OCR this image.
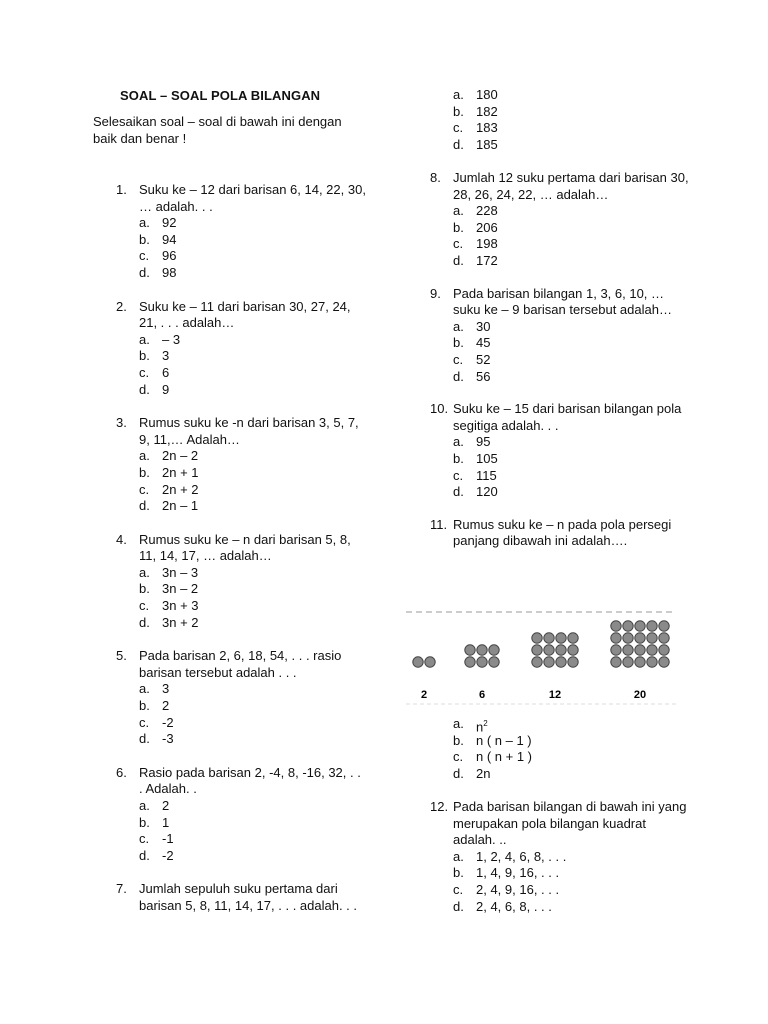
SOAL – SOAL POLA BILANGAN
Selesaikan soal – soal di bawah ini dengan baik dan benar !
1. Suku ke – 12 dari barisan 6, 14, 22, 30, … adalah. . .
a. 92
b. 94
c. 96
d. 98
2. Suku ke – 11 dari barisan 30, 27, 24, 21, . . . adalah…
a. – 3
b. 3
c. 6
d. 9
3. Rumus suku ke -n dari barisan 3, 5, 7, 9, 11,… Adalah…
a. 2n – 2
b. 2n + 1
c. 2n + 2
d. 2n – 1
4. Rumus suku ke – n dari barisan 5, 8, 11, 14, 17, … adalah…
a. 3n – 3
b. 3n – 2
c. 3n + 3
d. 3n + 2
5. Pada barisan 2, 6, 18, 54, . . . rasio barisan tersebut adalah . . .
a. 3
b. 2
c. -2
d. -3
6. Rasio pada barisan 2, -4, 8, -16, 32, . . . Adalah. .
a. 2
b. 1
c. -1
d. -2
7. Jumlah sepuluh suku pertama dari barisan 5, 8, 11, 14, 17, . . . adalah. . .
a. 180
b. 182
c. 183
d. 185
8. Jumlah 12 suku pertama dari barisan 30, 28, 26, 24, 22, … adalah…
a. 228
b. 206
c. 198
d. 172
9. Pada barisan bilangan 1, 3, 6, 10, … suku ke – 9 barisan tersebut adalah…
a. 30
b. 45
c. 52
d. 56
10. Suku ke – 15 dari barisan bilangan pola segitiga adalah. . .
a. 95
b. 105
c. 115
d. 120
11. Rumus suku ke – n pada pola persegi panjang dibawah ini adalah….
2	6	12	20
a. $n^2$
b. n ( n – 1 )
c. n ( n + 1 )
d. 2n
12. Pada barisan bilangan di bawah ini yang merupakan pola bilangan kuadrat adalah. ..
a. 1, 2, 4, 6, 8, . . .
b. 1, 4, 9, 16, . . .
c. 2, 4, 9, 16, . . .
d. 2, 4, 6, 8, . . .
